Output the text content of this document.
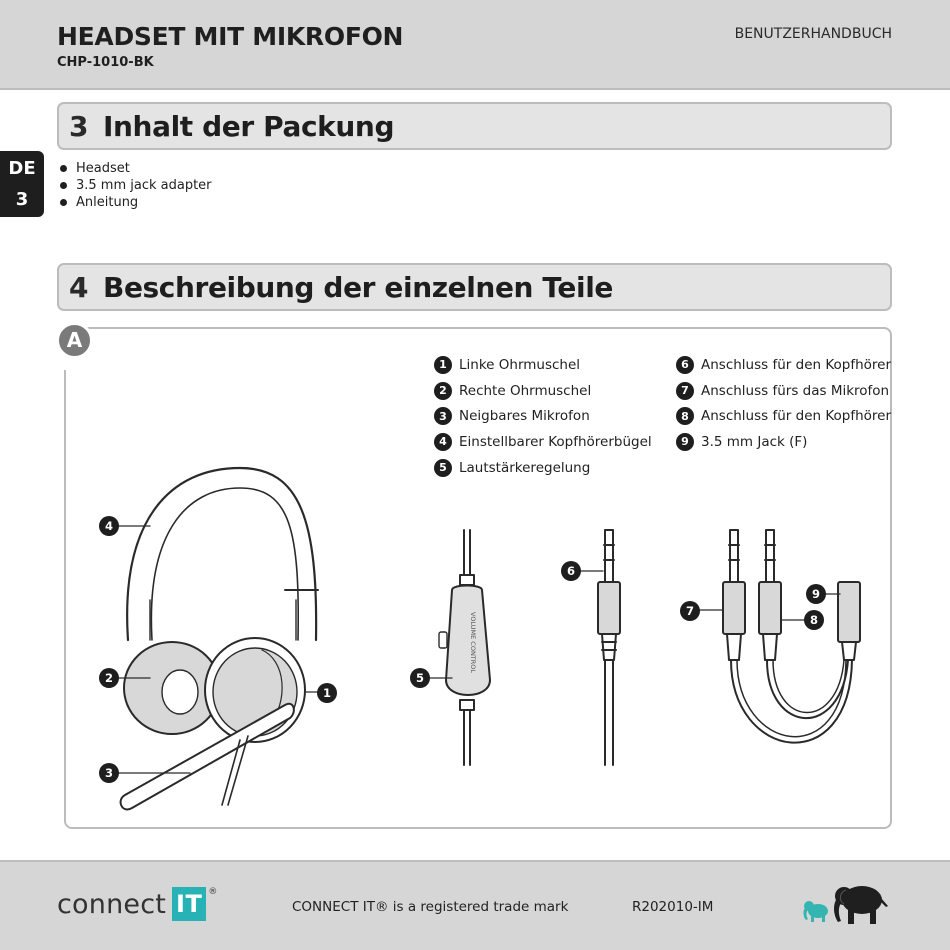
HEADSET MIT MIKROFON
CHP-1010-BK
BENUTZERHANDBUCH
DE
3
3 Inhalt der Packung
Headset
3.5 mm jack adapter
Anleitung
4 Beschreibung der einzelnen Teile
A
1 Linke Ohrmuschel
2 Rechte Ohrmuschel
3 Neigbares Mikrofon
4 Einstellbarer Kopfhörerbügel
5 Lautstärkeregelung
6 Anschluss für den Kopfhörer
7 Anschluss fürs das Mikrofon
8 Anschluss für den Kopfhörer
9 3.5 mm Jack (F)
VOLUME CONTROL
4
2
1
3
5
6
7
8
9
connect IT ®
CONNECT IT® is a registered trade mark	R202010-IM
